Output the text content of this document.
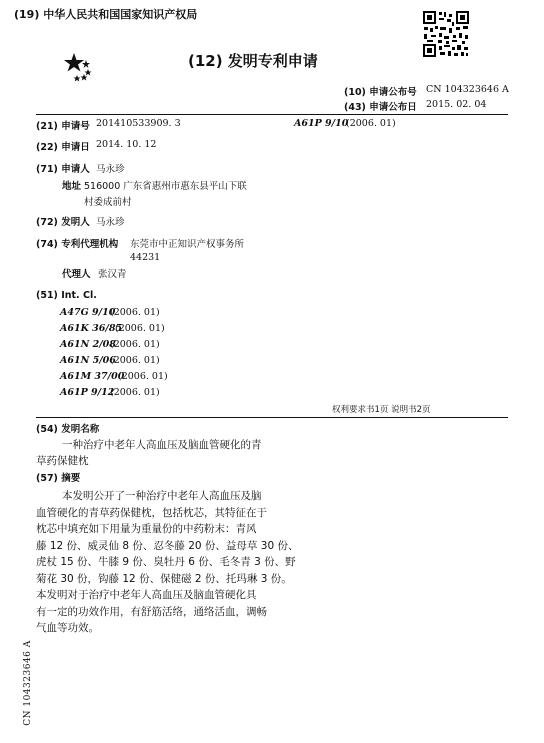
(19) 中华人民共和国国家知识产权局
(12) 发明专利申请
(10) 申请公布号 CN 104323646 A
(43) 申请公布日 2015. 02. 04
(21) 申请号 201410533909. 3	A61P 9/10
(2006. 01)
(22) 申请日 2014. 10. 12
(71) 申请人 马永珍
地址 516000 广东省惠州市惠东县平山下联
村委成前村
(72) 发明人 马永珍
(74) 专利代理机构 东莞市中正知识产权事务所
44231
代理人 张汉青
(51) Int. Cl.
A47G 9/10
(2006. 01)
A61K 36/85
(2006. 01)
A61N 2/08
(2006. 01)
A61N 5/06
(2006. 01)
A61M 37/00
(2006. 01)
A61P 9/12
(2006. 01)
权利要求书1页 说明书2页
(54) 发明名称
一种治疗中老年人高血压及脑血管硬化的青
草药保健枕
(57) 摘要
本发明公开了一种治疗中老年人高血压及脑
血管硬化的青草药保健枕，包括枕芯，其特征在于
枕芯中填充如下用量为重量份的中药粉末：青风
藤 12 份、威灵仙 8 份、忍冬藤 20 份、益母草 30 份、
虎杖 15 份、牛膝 9 份、臭牡丹 6 份、毛冬青 3 份、野
菊花 30 份，钩藤 12 份、保健磁 2 份、托玛琳 3 份。
本发明对于治疗中老年人高血压及脑血管硬化具
有一定的功效作用，有舒筋活络，通络活血，调畅
气血等功效。
CN 104323646 A
